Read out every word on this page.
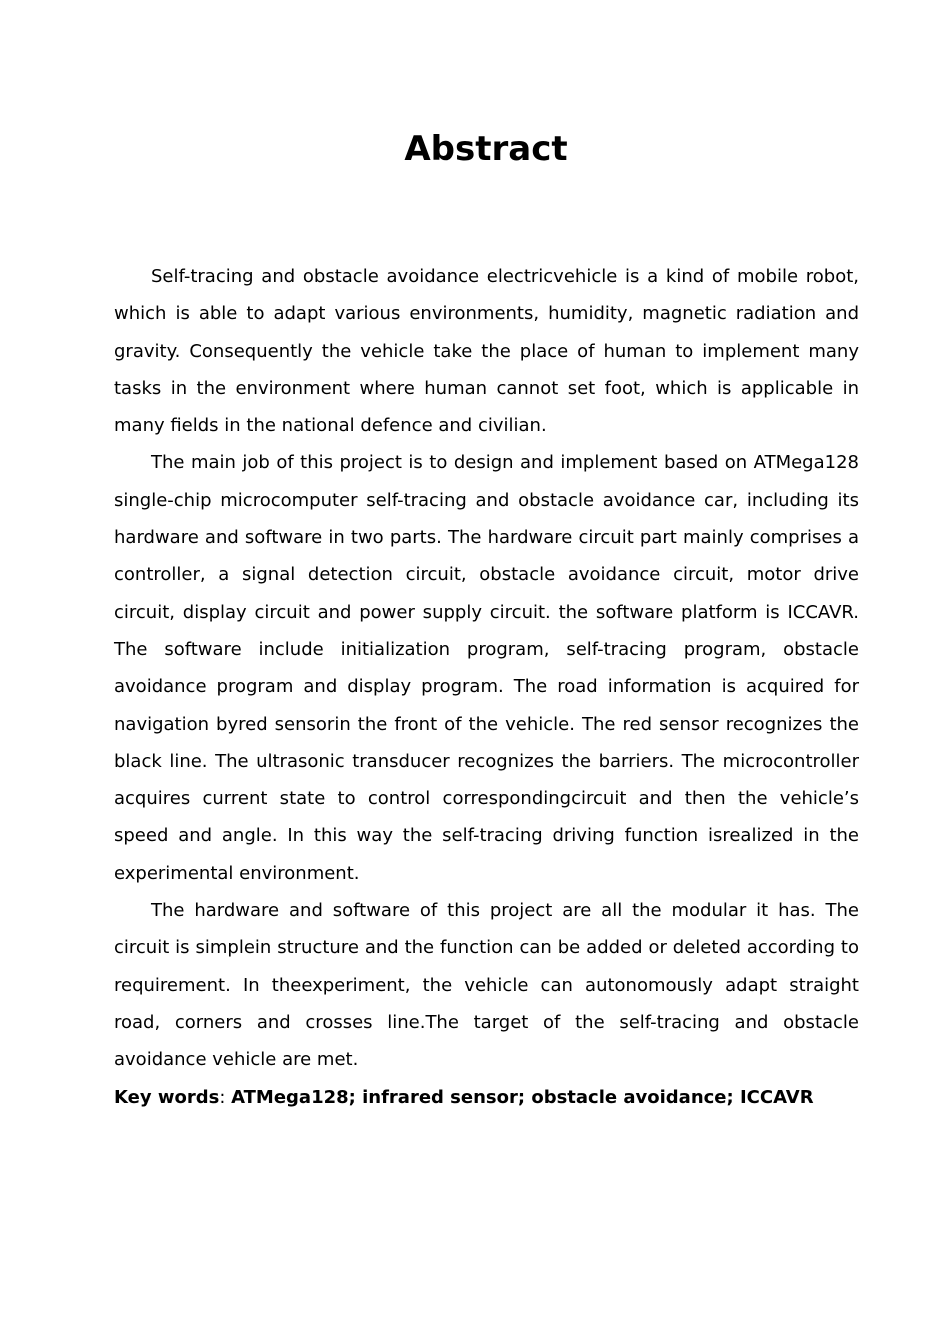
Abstract

Self-tracing and obstacle avoidance electricvehicle is a kind of mobile robot, which is able to adapt various environments, humidity, magnetic radiation and gravity. Consequently the vehicle take the place of human to implement many tasks in the environment where human cannot set foot, which is applicable in many fields in the national defence and civilian.

The main job of this project is to design and implement based on ATMega128 single-chip microcomputer self-tracing and obstacle avoidance car, including its hardware and software in two parts. The hardware circuit part mainly comprises a controller, a signal detection circuit, obstacle avoidance circuit, motor drive circuit, display circuit and power supply circuit. the software platform is ICCAVR. The software include initialization program, self-tracing program, obstacle avoidance program and display program. The road information is acquired for navigation byred sensorin the front of the vehicle. The red sensor recognizes the black line. The ultrasonic transducer recognizes the barriers. The microcontroller acquires current state to control correspondingcircuit and then the vehicle’s speed and angle. In this way the self-tracing driving function isrealized in the experimental environment.

The hardware and software of this project are all the modular it has. The circuit is simplein structure and the function can be added or deleted according to requirement. In theexperiment, the vehicle can autonomously adapt straight road, corners and crosses line.The target of the self-tracing and obstacle avoidance vehicle are met.

Key words: ATMega128; infrared sensor; obstacle avoidance; ICCAVR
